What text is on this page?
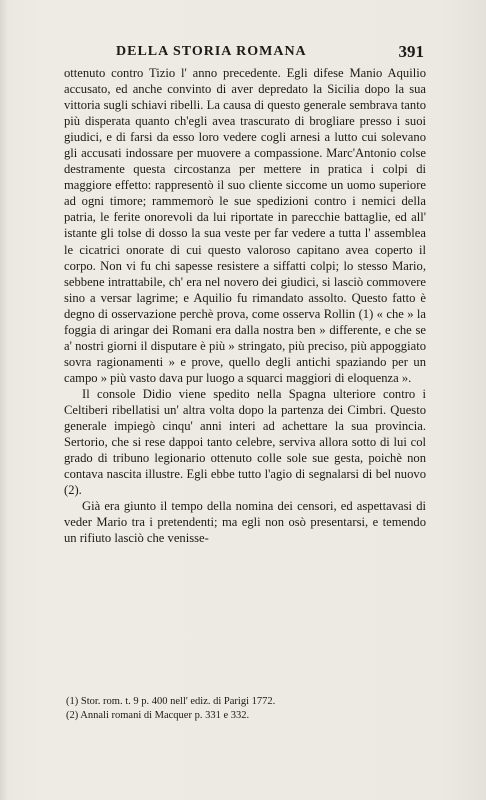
DELLA STORIA ROMANA	391

ottenuto contro Tizio l' anno precedente. Egli difese Manio Aquilio accusato, ed anche convinto di aver depredato la Sicilia dopo la sua vittoria sugli schiavi ribelli. La causa di questo generale sembrava tanto più disperata quanto ch'egli avea trascurato di brogliare presso i suoi giudici, e di farsi da esso loro vedere cogli arnesi a lutto cui solevano gli accusati indossare per muovere a compassione. Marc'Antonio colse destramente questa circostanza per mettere in pratica i colpi di maggiore effetto: rappresentò il suo cliente siccome un uomo superiore ad ogni timore; rammemorò le sue spedizioni contro i nemici della patria, le ferite onorevoli da lui riportate in parecchie battaglie, ed all' istante gli tolse di dosso la sua veste per far vedere a tutta l' assemblea le cicatrici onorate di cui questo valoroso capitano avea coperto il corpo. Non vi fu chi sapesse resistere a siffatti colpi; lo stesso Mario, sebbene intrattabile, ch' era nel novero dei giudici, si lasciò commovere sino a versar lagrime; e Aquilio fu rimandato assolto. Questo fatto è degno di osservazione perchè prova, come osserva Rollin (1) « che » la foggia di aringar dei Romani era dalla nostra ben » differente, e che se a' nostri giorni il disputare è più » stringato, più preciso, più appoggiato sovra ragionamenti » e prove, quello degli antichi spaziando per un campo » più vasto dava pur luogo a squarci maggiori di eloquenza ».

Il console Didio viene spedito nella Spagna ulteriore contro i Celtiberi ribellatisi un' altra volta dopo la partenza dei Cimbri. Questo generale impiegò cinqu' anni interi ad achettare la sua provincia. Sertorio, che si rese dappoi tanto celebre, serviva allora sotto di lui col grado di tribuno legionario ottenuto colle sole sue gesta, poichè non contava nascita illustre. Egli ebbe tutto l'agio di segnalarsi di bel nuovo (2).

Già era giunto il tempo della nomina dei censori, ed aspettavasi di veder Mario tra i pretendenti; ma egli non osò presentarsi, e temendo un rifiuto lasciò che venisse-

(1) Stor. rom. t. 9 p. 400 nell' ediz. di Parigi 1772.

(2) Annali romani di Macquer p. 331 e 332.
